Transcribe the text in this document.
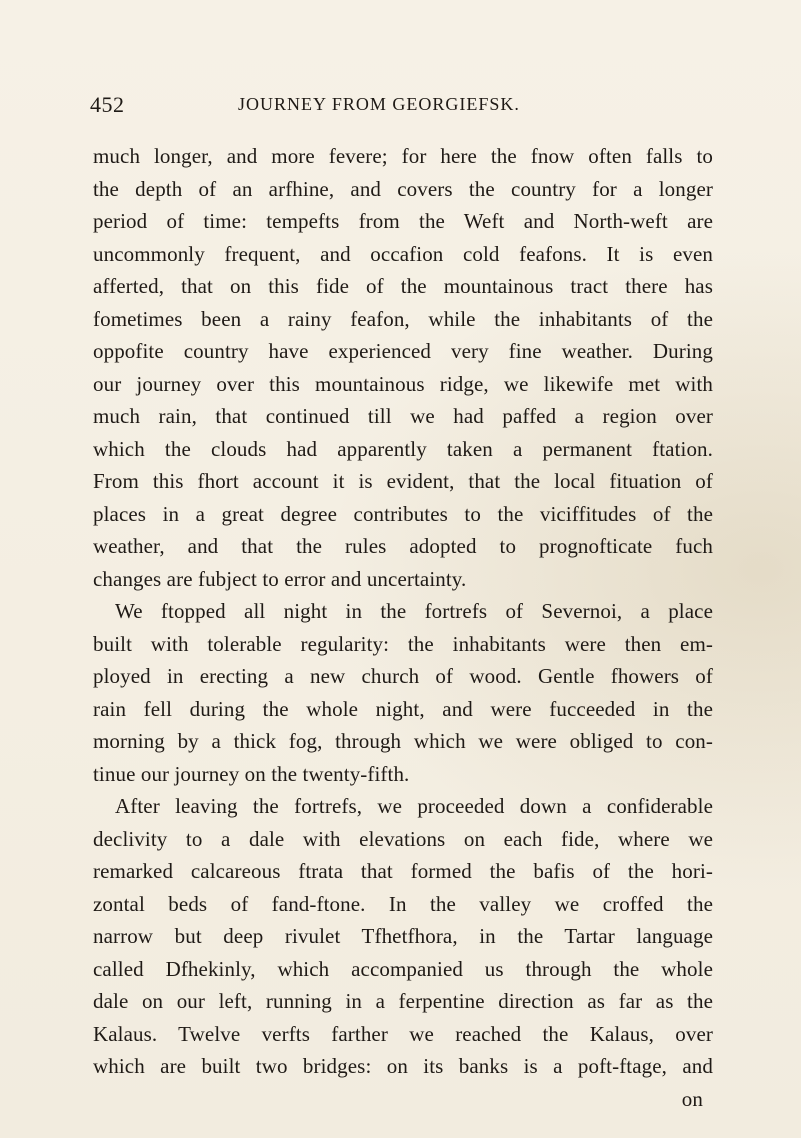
452	JOURNEY FROM GEORGIEFSK.
much longer, and more fevere; for here the fnow often falls to
the depth of an arfhine, and covers the country for a longer
period of time: tempefts from the Weft and North-weft are
uncommonly frequent, and occafion cold feafons. It is even
afferted, that on this fide of the mountainous tract there has
fometimes been a rainy feafon, while the inhabitants of the
oppofite country have experienced very fine weather. During
our journey over this mountainous ridge, we likewife met with
much rain, that continued till we had paffed a region over
which the clouds had apparently taken a permanent ftation.
From this fhort account it is evident, that the local fituation of
places in a great degree contributes to the viciffitudes of the
weather, and that the rules adopted to prognofticate fuch
changes are fubject to error and uncertainty.
We ftopped all night in the fortrefs of Severnoi, a place
built with tolerable regularity: the inhabitants were then em-
ployed in erecting a new church of wood. Gentle fhowers of
rain fell during the whole night, and were fucceeded in the
morning by a thick fog, through which we were obliged to con-
tinue our journey on the twenty-fifth.
After leaving the fortrefs, we proceeded down a confiderable
declivity to a dale with elevations on each fide, where we
remarked calcareous ftrata that formed the bafis of the hori-
zontal beds of fand-ftone. In the valley we croffed the
narrow but deep rivulet Tfhetfhora, in the Tartar language
called Dfhekinly, which accompanied us through the whole
dale on our left, running in a ferpentine direction as far as the
Kalaus. Twelve verfts farther we reached the Kalaus, over
which are built two bridges: on its banks is a poft-ftage, and
on
